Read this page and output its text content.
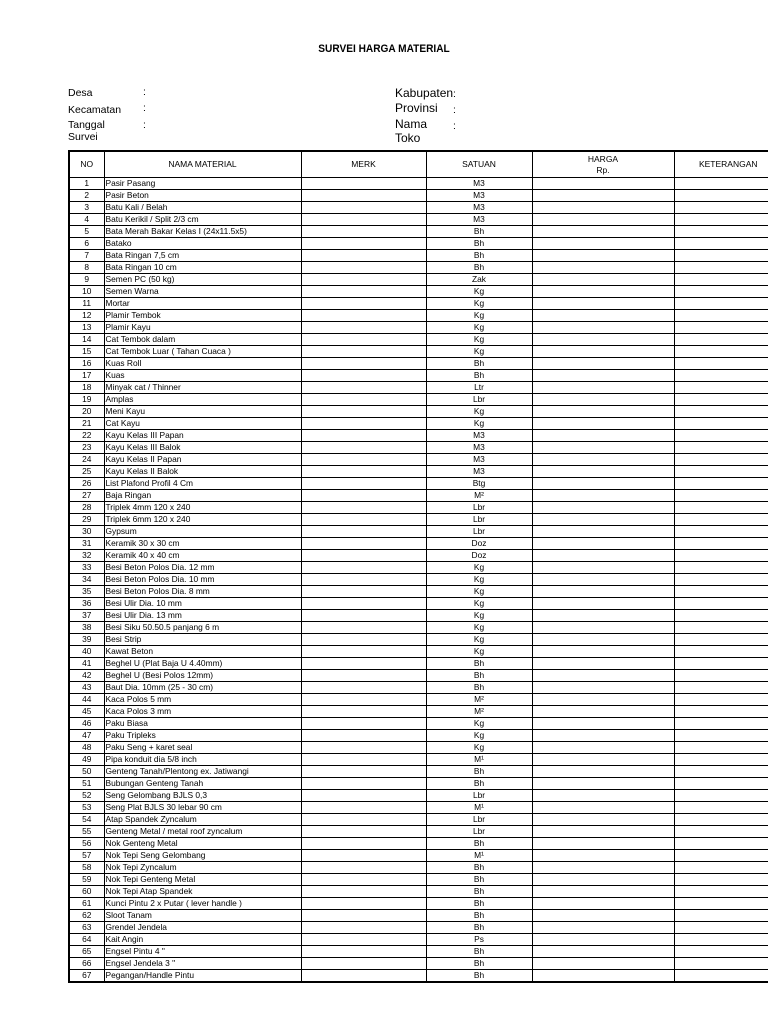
SURVEI HARGA MATERIAL
Desa	:
Kecamatan :
Tanggal Survei
:
Kabupaten :
Provinsi :
Nama Toko
:
NO	NAMA MATERIAL	MERK	SATUAN	HARGA
Rp.	KETERANGAN
1	Pasir Pasang		M3		
2	Pasir Beton		M3		
3	Batu Kali / Belah		M3		
4	Batu Kerikil / Split 2/3 cm		M3		
5	Bata Merah Bakar Kelas I (24x11.5x5)		Bh		
6	Batako		Bh		
7	Bata Ringan 7,5 cm		Bh		
8	Bata Ringan 10 cm		Bh		
9	Semen PC (50 kg)		Zak		
10	Semen Warna		Kg		
11	Mortar		Kg		
12	Plamir Tembok		Kg		
13	Plamir Kayu		Kg		
14	Cat Tembok dalam		Kg		
15	Cat Tembok Luar ( Tahan Cuaca )		Kg		
16	Kuas Roll		Bh		
17	Kuas		Bh		
18	Minyak cat / Thinner		Ltr		
19	Amplas		Lbr		
20	Meni Kayu		Kg		
21	Cat Kayu		Kg		
22	Kayu Kelas III Papan		M3		
23	Kayu Kelas III Balok		M3		
24	Kayu Kelas II Papan		M3		
25	Kayu Kelas II Balok		M3		
26	List Plafond Profil 4 Cm		Btg		
27	Baja Ringan		M²		
28	Triplek 4mm 120 x 240		Lbr		
29	Triplek 6mm 120 x 240		Lbr		
30	Gypsum		Lbr		
31	Keramik 30 x 30 cm		Doz		
32	Keramik 40 x 40 cm		Doz		
33	Besi Beton Polos Dia. 12 mm		Kg		
34	Besi Beton Polos Dia. 10 mm		Kg		
35	Besi Beton Polos Dia. 8 mm		Kg		
36	Besi Ulir Dia. 10 mm		Kg		
37	Besi Ulir Dia. 13 mm		Kg		
38	Besi Siku 50.50.5 panjang 6 m		Kg		
39	Besi Strip		Kg		
40	Kawat Beton		Kg		
41	Beghel U (Plat Baja U 4.40mm)		Bh		
42	Beghel U (Besi Polos 12mm)		Bh		
43	Baut Dia. 10mm (25 - 30 cm)		Bh		
44	Kaca Polos 5 mm		M²		
45	Kaca Polos 3 mm		M²		
46	Paku Biasa		Kg		
47	Paku Tripleks		Kg		
48	Paku Seng + karet seal		Kg		
49	Pipa konduit dia 5/8 inch		M¹		
50	Genteng Tanah/Plentong ex. Jatiwangi		Bh		
51	Bubungan Genteng Tanah		Bh		
52	Seng Gelombang BJLS 0,3		Lbr		
53	Seng Plat BJLS 30 lebar 90 cm		M¹		
54	Atap Spandek Zyncalum		Lbr		
55	Genteng Metal / metal roof zyncalum		Lbr		
56	Nok Genteng Metal		Bh		
57	Nok Tepi Seng Gelombang		M¹		
58	Nok Tepi Zyncalum		Bh		
59	Nok Tepi Genteng Metal		Bh		
60	Nok Tepi Atap Spandek		Bh		
61	Kunci Pintu 2 x Putar ( lever handle )		Bh		
62	Sloot Tanam		Bh		
63	Grendel Jendela		Bh		
64	Kait Angin		Ps		
65	Engsel Pintu 4 "		Bh		
66	Engsel Jendela 3 "		Bh		
67	Pegangan/Handle Pintu		Bh		
